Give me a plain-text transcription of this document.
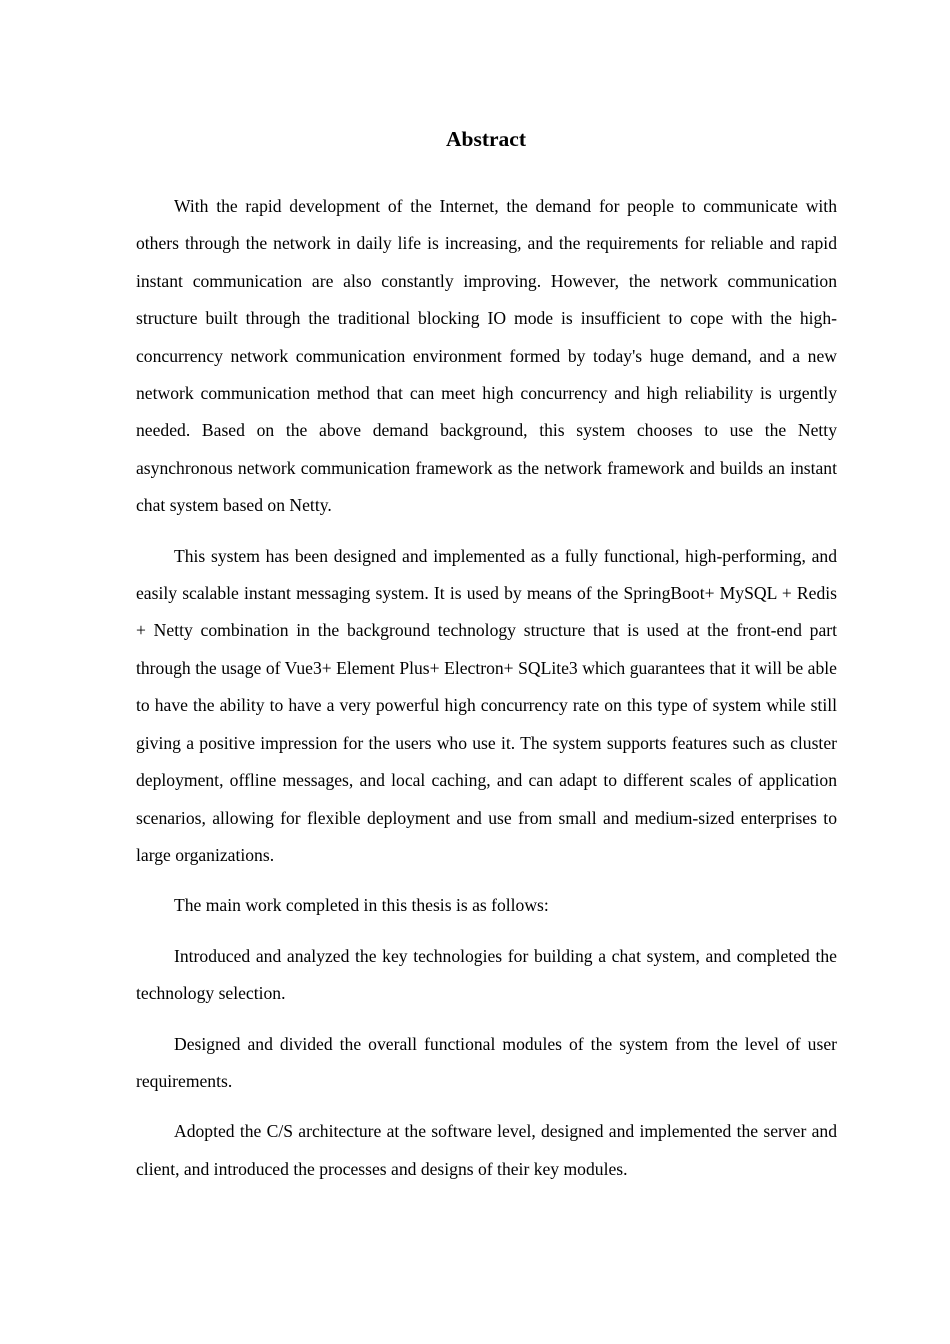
Abstract

With the rapid development of the Internet, the demand for people to communicate with others through the network in daily life is increasing, and the requirements for reliable and rapid instant communication are also constantly improving. However, the network communication structure built through the traditional blocking IO mode is insufficient to cope with the high-concurrency network communication environment formed by today's huge demand, and a new network communication method that can meet high concurrency and high reliability is urgently needed. Based on the above demand background, this system chooses to use the Netty asynchronous network communication framework as the network framework and builds an instant chat system based on Netty.

This system has been designed and implemented as a fully functional, high-performing, and easily scalable instant messaging system. It is used by means of the SpringBoot+ MySQL + Redis + Netty combination in the background technology structure that is used at the front-end part through the usage of Vue3+ Element Plus+ Electron+ SQLite3 which guarantees that it will be able to have the ability to have a very powerful high concurrency rate on this type of system while still giving a positive impression for the users who use it. The system supports features such as cluster deployment, offline messages, and local caching, and can adapt to different scales of application scenarios, allowing for flexible deployment and use from small and medium-sized enterprises to large organizations.

The main work completed in this thesis is as follows:

Introduced and analyzed the key technologies for building a chat system, and completed the technology selection.

Designed and divided the overall functional modules of the system from the level of user requirements.

Adopted the C/S architecture at the software level, designed and implemented the server and client, and introduced the processes and designs of their key modules.
